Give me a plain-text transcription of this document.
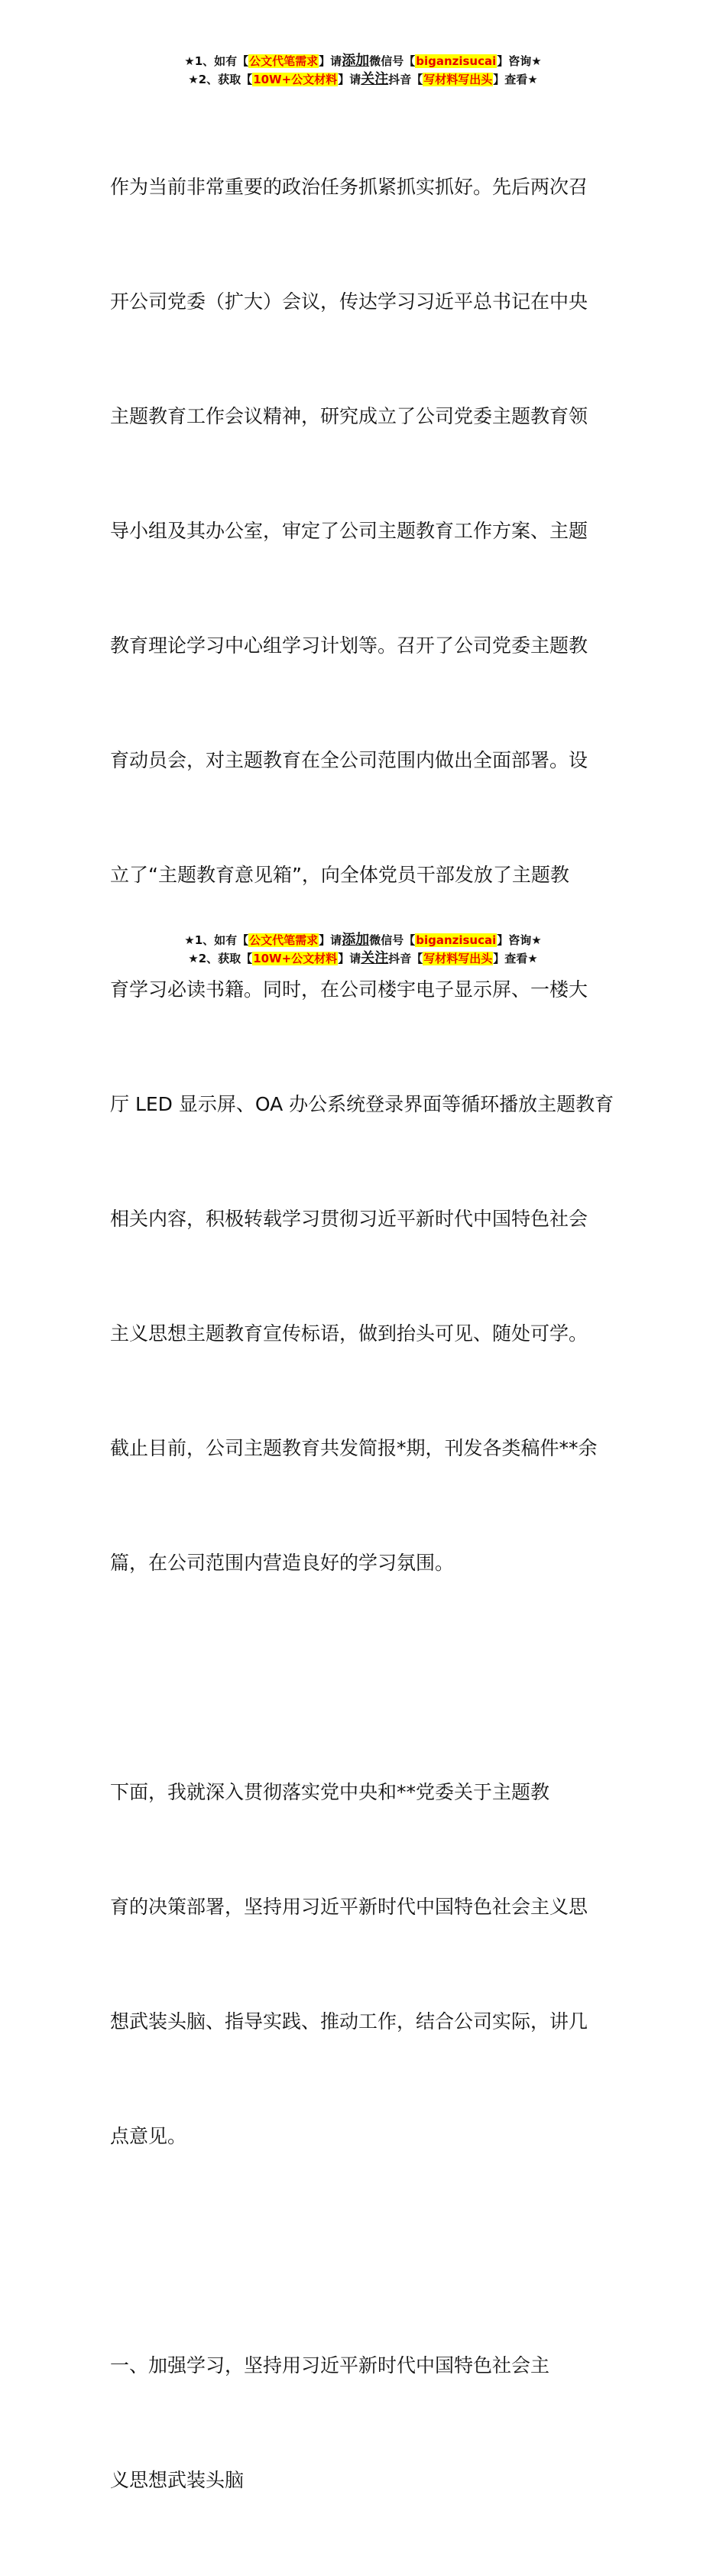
★1、如有【公文代笔需求】请添加微信号【biganzisucai】咨询★
★2、获取【10W+公文材料】请关注抖音【写材料写出头】查看★

作为当前非常重要的政治任务抓紧抓实抓好。先后两次召

开公司党委（扩大）会议，传达学习习近平总书记在中央

主题教育工作会议精神，研究成立了公司党委主题教育领

导小组及其办公室，审定了公司主题教育工作方案、主题

教育理论学习中心组学习计划等。召开了公司党委主题教

育动员会，对主题教育在全公司范围内做出全面部署。设

立了“主题教育意见箱”，向全体党员干部发放了主题教

育学习必读书籍。同时，在公司楼宇电子显示屏、一楼大

厅 LED 显示屏、OA 办公系统登录界面等循环播放主题教育

相关内容，积极转载学习贯彻习近平新时代中国特色社会

主义思想主题教育宣传标语，做到抬头可见、随处可学。

截止目前，公司主题教育共发简报*期，刊发各类稿件**余

篇，在公司范围内营造良好的学习氛围。

下面，我就深入贯彻落实党中央和**党委关于主题教

育的决策部署，坚持用习近平新时代中国特色社会主义思

想武装头脑、指导实践、推动工作，结合公司实际，讲几

点意见。

一、加强学习，坚持用习近平新时代中国特色社会主

义思想武装头脑

★1、如有【公文代笔需求】请添加微信号【biganzisucai】咨询★
★2、获取【10W+公文材料】请关注抖音【写材料写出头】查看★
